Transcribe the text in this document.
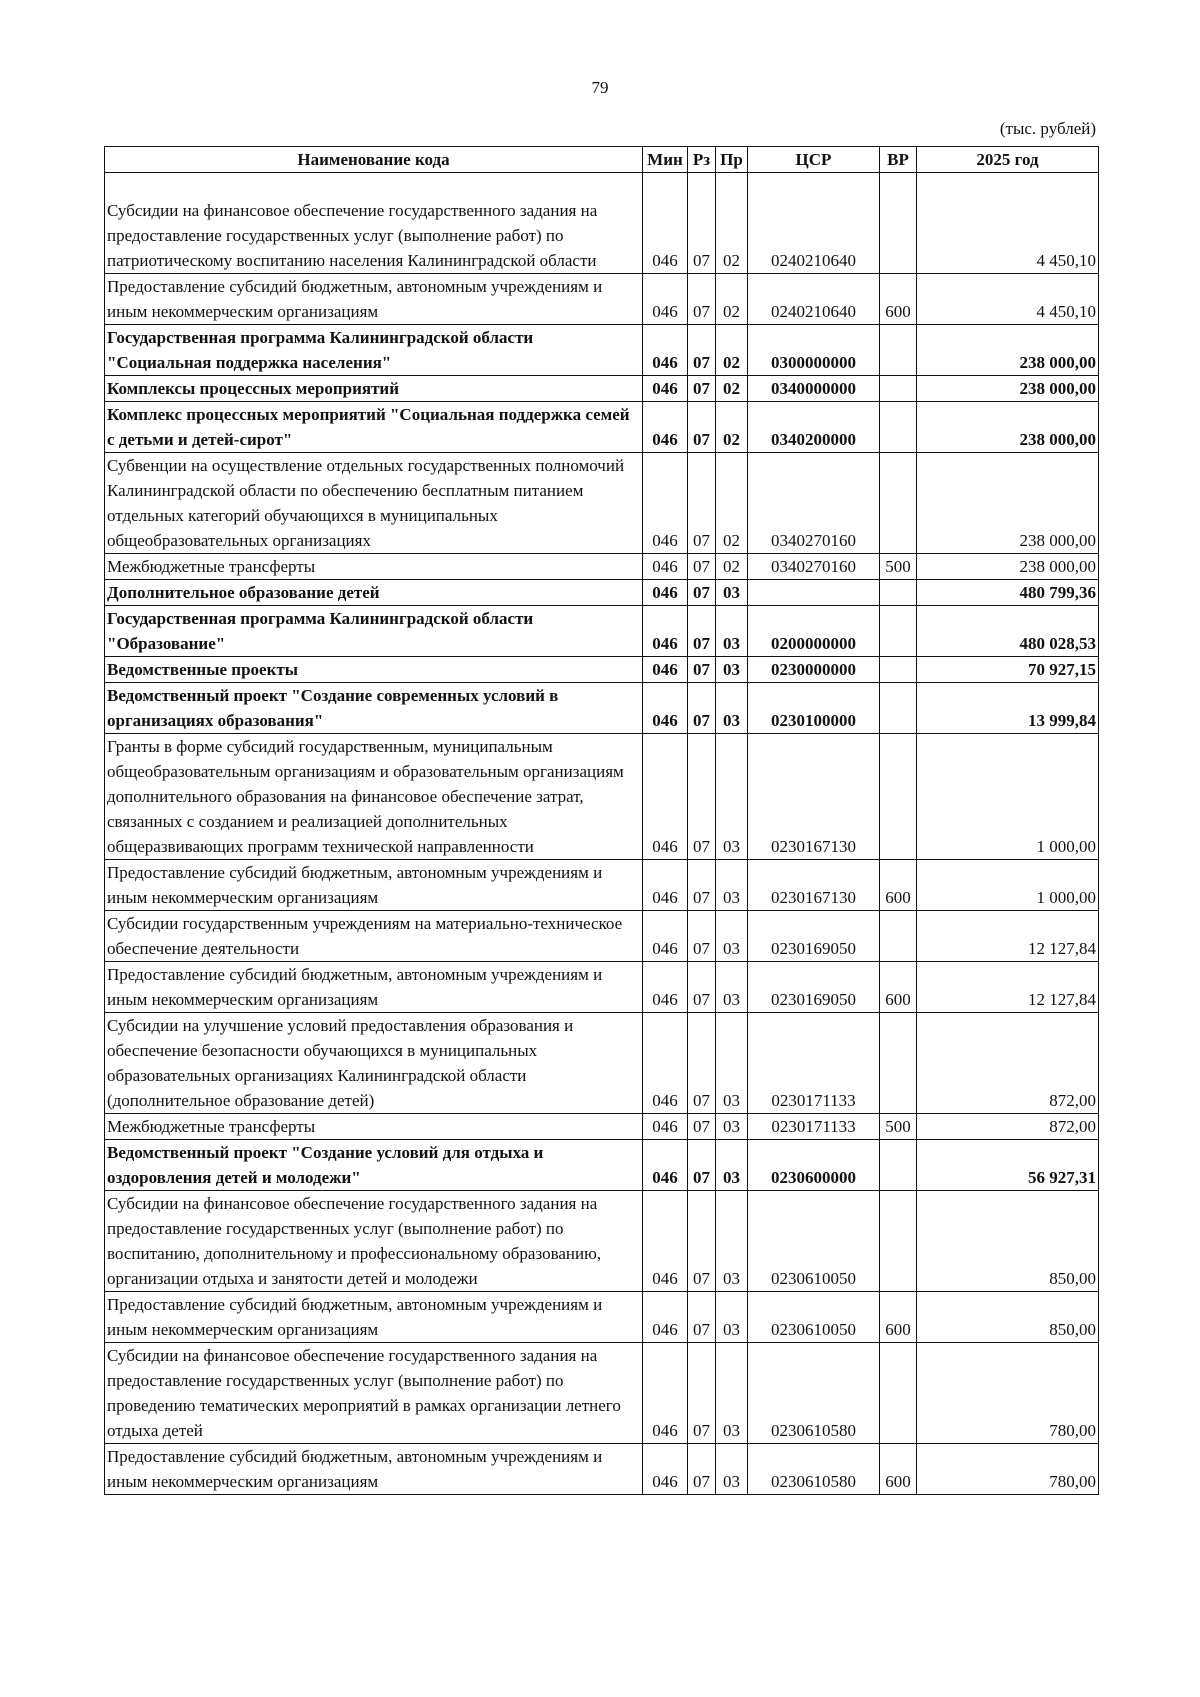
79
(тыс. рублей)
Наименование кода	Мин	Рз	Пр	ЦСР	ВР	2025 год
Субсидии на финансовое обеспечение государственного задания на предоставление государственных услуг (выполнение работ) по патриотическому воспитанию населения Калининградской области	046	07	02	0240210640		4 450,10
Предоставление субсидий бюджетным, автономным учреждениям и иным некоммерческим организациям	046	07	02	0240210640	600	4 450,10
Государственная программа Калининградской области "Социальная поддержка населения"	046	07	02	0300000000		238 000,00
Комплексы процессных мероприятий	046	07	02	0340000000		238 000,00
Комплекс процессных мероприятий "Социальная поддержка семей с детьми и детей-сирот"	046	07	02	0340200000		238 000,00
Субвенции на осуществление отдельных государственных полномочий Калининградской области по обеспечению бесплатным питанием отдельных категорий обучающихся в муниципальных общеобразовательных организациях	046	07	02	0340270160		238 000,00
Межбюджетные трансферты	046	07	02	0340270160	500	238 000,00
Дополнительное образование детей	046	07	03			480 799,36
Государственная программа Калининградской области "Образование"	046	07	03	0200000000		480 028,53
Ведомственные проекты	046	07	03	0230000000		70 927,15
Ведомственный проект "Создание современных условий в организациях образования"	046	07	03	0230100000		13 999,84
Гранты в форме субсидий государственным, муниципальным общеобразовательным организациям и образовательным организациям дополнительного образования на финансовое обеспечение затрат, связанных с созданием и реализацией дополнительных общеразвивающих программ технической направленности	046	07	03	0230167130		1 000,00
Предоставление субсидий бюджетным, автономным учреждениям и иным некоммерческим организациям	046	07	03	0230167130	600	1 000,00
Субсидии государственным учреждениям на материально-техническое обеспечение деятельности	046	07	03	0230169050		12 127,84
Предоставление субсидий бюджетным, автономным учреждениям и иным некоммерческим организациям	046	07	03	0230169050	600	12 127,84
Субсидии на улучшение условий предоставления образования и обеспечение безопасности обучающихся в муниципальных образовательных организациях Калининградской области (дополнительное образование детей)	046	07	03	0230171133		872,00
Межбюджетные трансферты	046	07	03	0230171133	500	872,00
Ведомственный проект "Создание условий для отдыха и оздоровления детей и молодежи"	046	07	03	0230600000		56 927,31
Субсидии на финансовое обеспечение государственного задания на предоставление государственных услуг (выполнение работ) по воспитанию, дополнительному и профессиональному образованию, организации отдыха и занятости детей и молодежи	046	07	03	0230610050		850,00
Предоставление субсидий бюджетным, автономным учреждениям и иным некоммерческим организациям	046	07	03	0230610050	600	850,00
Субсидии на финансовое обеспечение государственного задания на предоставление государственных услуг (выполнение работ) по проведению тематических мероприятий в рамках организации летнего отдыха детей	046	07	03	0230610580		780,00
Предоставление субсидий бюджетным, автономным учреждениям и иным некоммерческим организациям	046	07	03	0230610580	600	780,00
